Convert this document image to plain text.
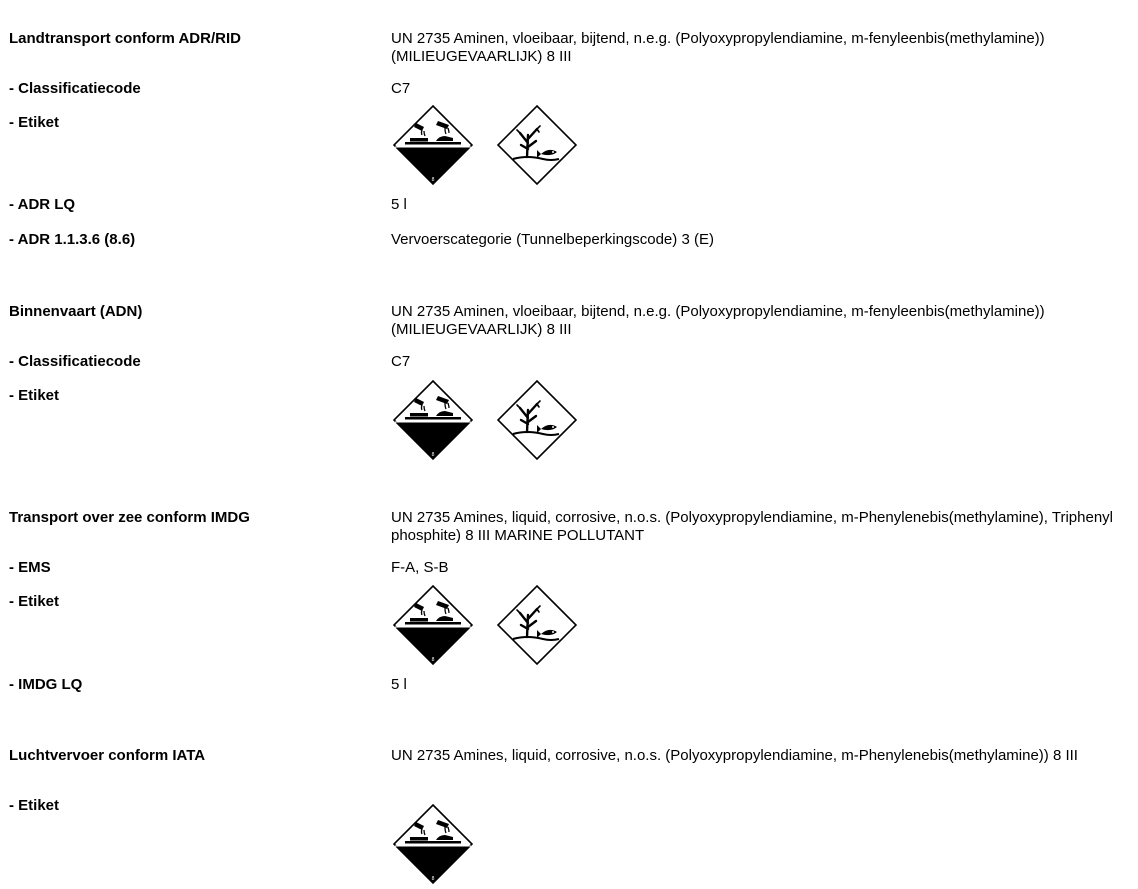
Landtransport conform ADR/RID	UN 2735 Aminen, vloeibaar, bijtend, n.e.g. (Polyoxypropylendiamine, m-fenyleenbis(methylamine)) (MILIEUGEVAARLIJK) 8 III
- Classificatiecode	C7
- Etiket
- ADR LQ	5 l
- ADR 1.1.3.6 (8.6)	Vervoerscategorie (Tunnelbeperkingscode) 3 (E)
Binnenvaart (ADN)	UN 2735 Aminen, vloeibaar, bijtend, n.e.g. (Polyoxypropylendiamine, m-fenyleenbis(methylamine)) (MILIEUGEVAARLIJK) 8 III
- Classificatiecode	C7
- Etiket
Transport over zee conform IMDG	UN 2735 Amines, liquid, corrosive, n.o.s. (Polyoxypropylendiamine, m-Phenylenebis(methylamine), Triphenyl phosphite) 8 III MARINE POLLUTANT
- EMS	F-A, S-B
- Etiket
- IMDG LQ	5 l
Luchtvervoer conform IATA	UN 2735 Amines, liquid, corrosive, n.o.s. (Polyoxypropylendiamine, m-Phenylenebis(methylamine)) 8 III
- Etiket
